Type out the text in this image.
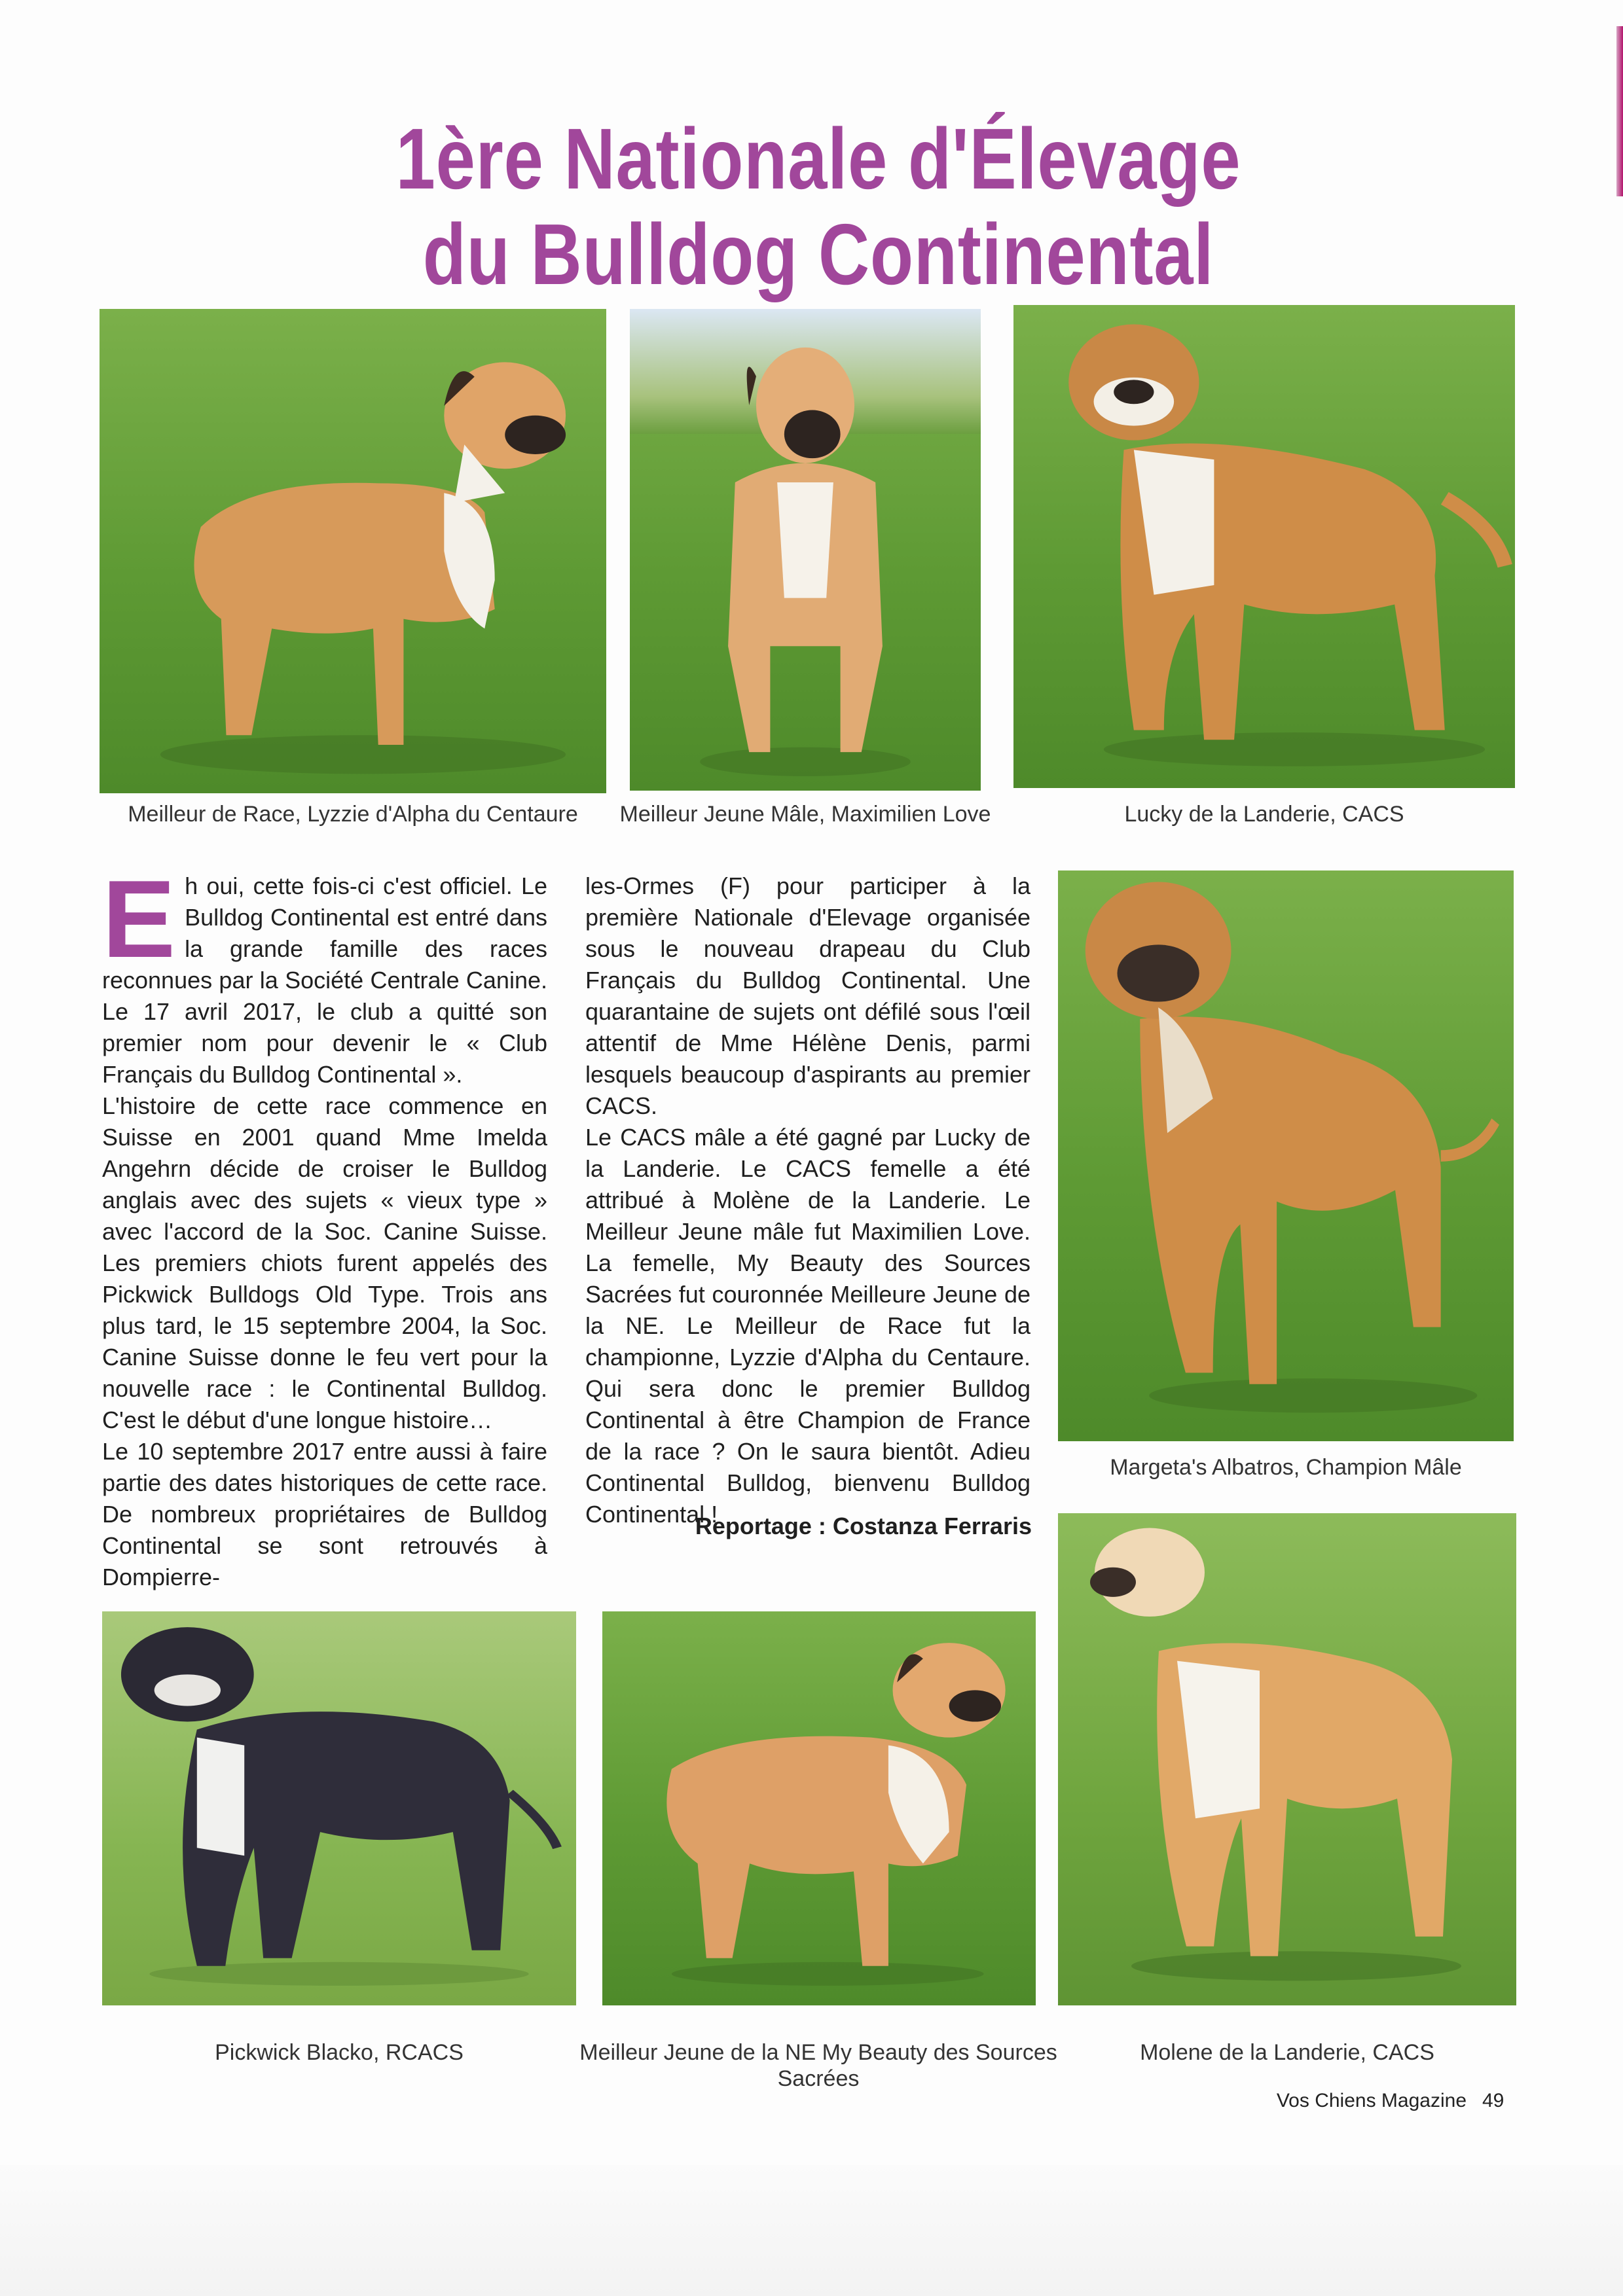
1ère Nationale d'Élevage
du Bulldog Continental
Meilleur de Race, Lyzzie d'Alpha du Centaure	Meilleur Jeune Mâle, Maximilien Love	Lucky de la Landerie, CACS

Eh oui, cette fois-ci c'est officiel. Le Bulldog Continental est entré dans la grande famille des races reconnues par la Société Centrale Canine. Le 17 avril 2017, le club a quitté son premier nom pour devenir le « Club Français du Bulldog Continental ».

L'histoire de cette race commence en Suisse en 2001 quand Mme Imelda Angehrn décide de croiser le Bulldog anglais avec des sujets « vieux type » avec l'accord de la Soc. Canine Suisse. Les premiers chiots furent appelés des Pickwick Bulldogs Old Type. Trois ans plus tard, le 15 septembre 2004, la Soc. Canine Suisse donne le feu vert pour la nouvelle race : le Continental Bulldog. C'est le début d'une longue histoire…

Le 10 septembre 2017 entre aussi à faire partie des dates historiques de cette race. De nombreux propriétaires de Bulldog Continental se sont retrouvés à Dompierre-

les-Ormes (F) pour participer à la première Nationale d'Elevage organisée sous le nouveau drapeau du Club Français du Bulldog Continental. Une quarantaine de sujets ont défilé sous l'œil attentif de Mme Hélène Denis, parmi lesquels beaucoup d'aspirants au premier CACS.

Le CACS mâle a été gagné par Lucky de la Landerie. Le CACS femelle a été attribué à Molène de la Landerie. Le Meilleur Jeune mâle fut Maximilien Love. La femelle, My Beauty des Sources Sacrées fut couronnée Meilleure Jeune de la NE. Le Meilleur de Race fut la championne, Lyzzie d'Alpha du Centaure. Qui sera donc le premier Bulldog Continental à être Champion de France de la race ? On le saura bientôt. Adieu Continental Bulldog, bienvenu Bulldog Continental !

Reportage : Costanza Ferraris
Margeta's Albatros, Champion Mâle
Pickwick Blacko, RCACS	Meilleur Jeune de la NE My Beauty des Sources Sacrées
Molene de la Landerie, CACS
Vos Chiens Magazine 49
